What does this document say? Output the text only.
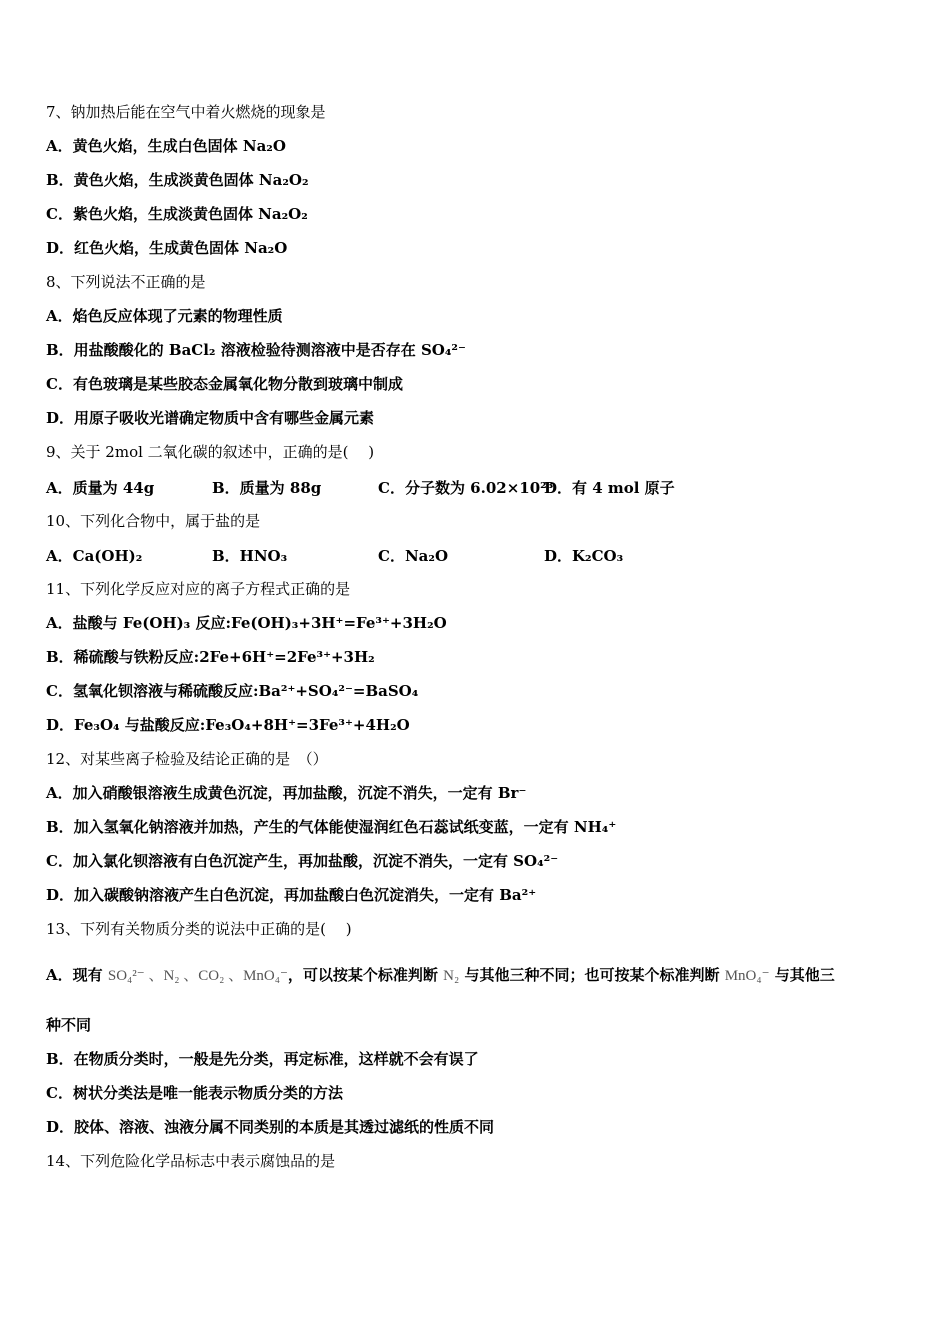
7、钠加热后能在空气中着火燃烧的现象是
A．黄色火焰，生成白色固体 Na₂O
B．黄色火焰，生成淡黄色固体 Na₂O₂
C．紫色火焰，生成淡黄色固体 Na₂O₂
D．红色火焰，生成黄色固体 Na₂O
8、下列说法不正确的是
A．焰色反应体现了元素的物理性质
B．用盐酸酸化的 BaCl₂ 溶液检验待测溶液中是否存在 SO₄²⁻
C．有色玻璃是某些胶态金属氧化物分散到玻璃中制成
D．用原子吸收光谱确定物质中含有哪些金属元素
9、关于 2mol 二氧化碳的叙述中，正确的是(　 )
A．质量为 44g	B．质量为 88g	C．分子数为 6.02×10²³
D．有 4 mol 原子
10、下列化合物中，属于盐的是
A．Ca(OH)₂	B．HNO₃	C．Na₂O	D．K₂CO₃
11、下列化学反应对应的离子方程式正确的是
A．盐酸与 Fe(OH)₃ 反应:Fe(OH)₃+3H⁺=Fe³⁺+3H₂O
B．稀硫酸与铁粉反应:2Fe+6H⁺=2Fe³⁺+3H₂
C．氢氧化钡溶液与稀硫酸反应:Ba²⁺+SO₄²⁻=BaSO₄
D．Fe₃O₄ 与盐酸反应:Fe₃O₄+8H⁺=3Fe³⁺+4H₂O
12、对某些离子检验及结论正确的是　（）
A．加入硝酸银溶液生成黄色沉淀，再加盐酸，沉淀不消失，一定有 Br⁻
B．加入氢氧化钠溶液并加热，产生的气体能使湿润红色石蕊试纸变蓝，一定有 NH₄⁺
C．加入氯化钡溶液有白色沉淀产生，再加盐酸，沉淀不消失，一定有 SO₄²⁻
D．加入碳酸钠溶液产生白色沉淀，再加盐酸白色沉淀消失，一定有 Ba²⁺
13、下列有关物质分类的说法中正确的是(　 )
A．现有 SO₄²⁻ 、N₂ 、CO₂ 、MnO₄⁻，可以按某个标准判断 N₂ 与其他三种不同；也可按某个标准判断 MnO₄⁻ 与其他三
种不同
B．在物质分类时，一般是先分类，再定标准，这样就不会有误了
C．树状分类法是唯一能表示物质分类的方法
D．胶体、溶液、浊液分属不同类别的本质是其透过滤纸的性质不同
14、下列危险化学品标志中表示腐蚀品的是
